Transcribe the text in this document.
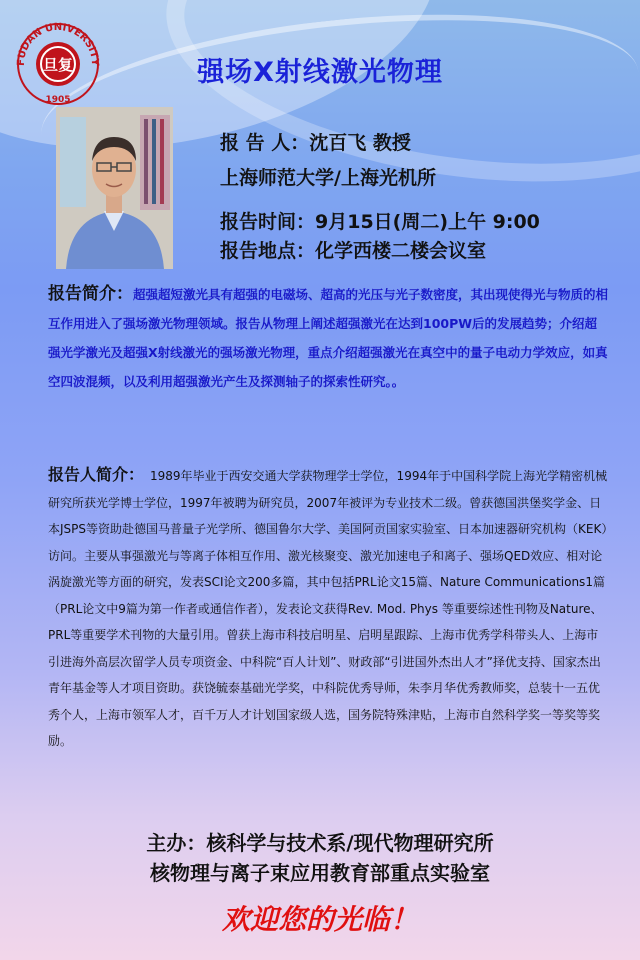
FUDAN UNIVERSITY
旦复
1905
强场X射线激光物理
报 告 人：沈百飞 教授
上海师范大学/上海光机所
报告时间：9月15日(周二)上午 9:00
报告地点：化学西楼二楼会议室
报告简介：超强超短激光具有超强的电磁场、超高的光压与光子数密度，其出现使得光与物质的相互作用进入了强场激光物理领域。报告从物理上阐述超强激光在达到100PW后的发展趋势；介绍超强光学激光及超强X射线激光的强场激光物理，重点介绍超强激光在真空中的量子电动力学效应，如真空四波混频，以及利用超强激光产生及探测轴子的探索性研究。。
报告人简介： 1989年毕业于西安交通大学获物理学士学位，1994年于中国科学院上海光学精密机械研究所获光学博士学位，1997年被聘为研究员，2007年被评为专业技术二级。曾获德国洪堡奖学金、日本JSPS等资助赴德国马普量子光学所、德国鲁尔大学、美国阿贡国家实验室、日本加速器研究机构（KEK）访问。主要从事强激光与等离子体相互作用、激光核聚变、激光加速电子和离子、强场QED效应、相对论涡旋激光等方面的研究，发表SCI论文200多篇，其中包括PRL论文15篇、Nature Communications1篇（PRL论文中9篇为第一作者或通信作者），发表论文获得Rev. Mod. Phys 等重要综述性刊物及Nature、PRL等重要学术刊物的大量引用。曾获上海市科技启明星、启明星跟踪、上海市优秀学科带头人、上海市引进海外高层次留学人员专项资金、中科院“百人计划”、财政部“引进国外杰出人才”择优支持、国家杰出青年基金等人才项目资助。获饶毓泰基础光学奖，中科院优秀导师，朱李月华优秀教师奖，总装十一五优秀个人，上海市领军人才，百千万人才计划国家级人选，国务院特殊津贴，上海市自然科学奖一等奖等奖励。
主办：核科学与技术系/现代物理研究所
核物理与离子束应用教育部重点实验室
欢迎您的光临！
